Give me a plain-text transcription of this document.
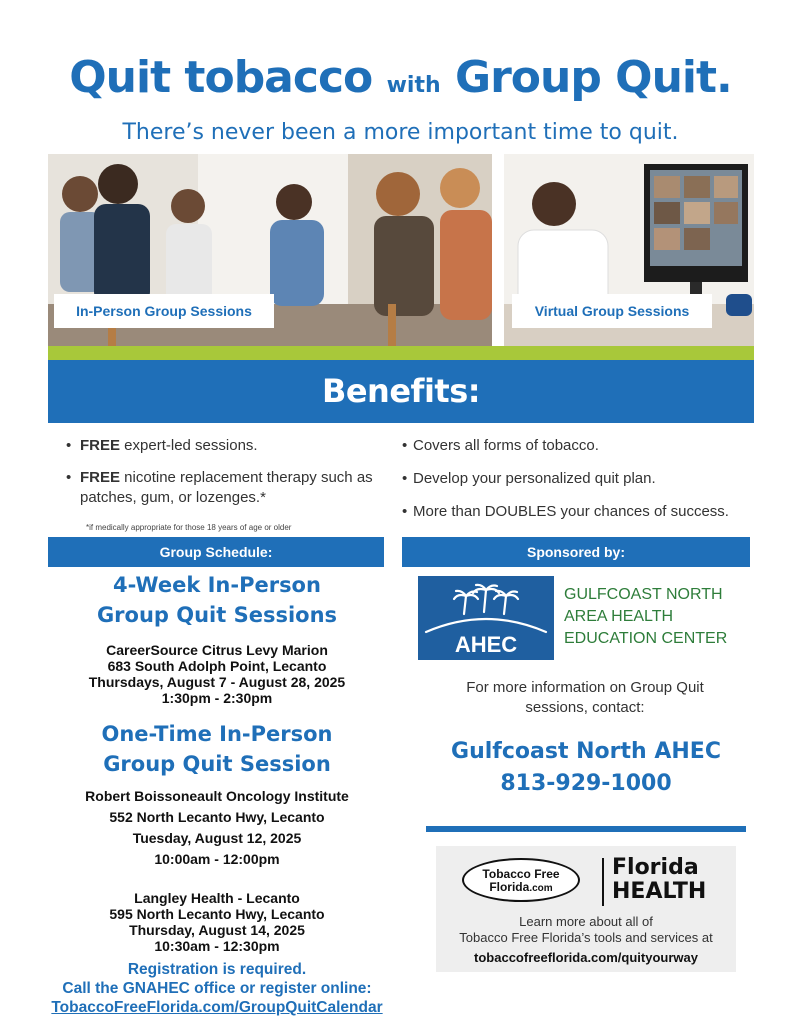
Quit tobacco with Group Quit.
There’s never been a more important time to quit.
In-Person Group Sessions	Virtual Group Sessions
Benefits:
• FREE expert-led sessions.
• FREE nicotine replacement therapy such as patches, gum, or lozenges.*
*if medically appropriate for those 18 years of age or older
• Covers all forms of tobacco.
• Develop your personalized quit plan.
• More than DOUBLES your chances of success.
Group Schedule:	Sponsored by:
4-Week In-Person
Group Quit Sessions
CareerSource Citrus Levy Marion
683 South Adolph Point, Lecanto
Thursdays, August 7 - August 28, 2025
1:30pm - 2:30pm
One-Time In-Person
Group Quit Session
Robert Boissoneault Oncology Institute
552 North Lecanto Hwy, Lecanto
Tuesday, August 12, 2025
10:00am - 12:00pm
Langley Health - Lecanto
595 North Lecanto Hwy, Lecanto
Thursday, August 14, 2025
10:30am - 12:30pm
Registration is required.
Call the GNAHEC office or register online:
TobaccoFreeFlorida.com/GroupQuitCalendar
AHEC
GULFCOAST NORTH
AREA HEALTH
EDUCATION CENTER
For more information on Group Quit
sessions, contact:
Gulfcoast North AHEC
813-929-1000
Tobacco Free
Florida.com
Florida
HEALTH
Learn more about all of
Tobacco Free Florida’s tools and services at
tobaccofreeflorida.com/quityourway
